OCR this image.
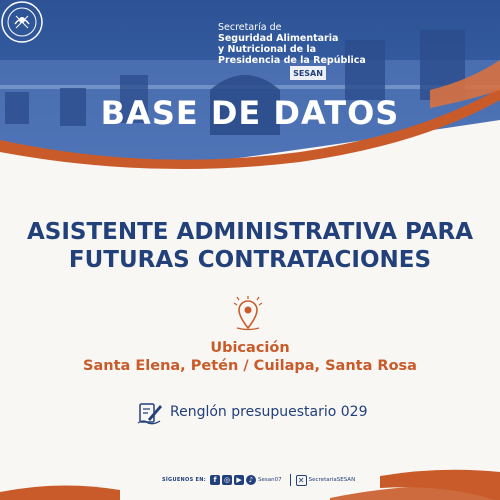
SESAN
Secretaría de
Seguridad Alimentaria
y Nutricional de la
Presidencia de la República
BASE DE DATOS
ASISTENTE ADMINISTRATIVA PARA
FUTURAS CONTRATACIONES
Ubicación
Santa Elena, Petén / Cuilapa, Santa Rosa
Renglón presupuestario 029
SÍGUENOS EN:	f	◎ ▶	♪ Sesan07 ✕ SecretariaSESAN
